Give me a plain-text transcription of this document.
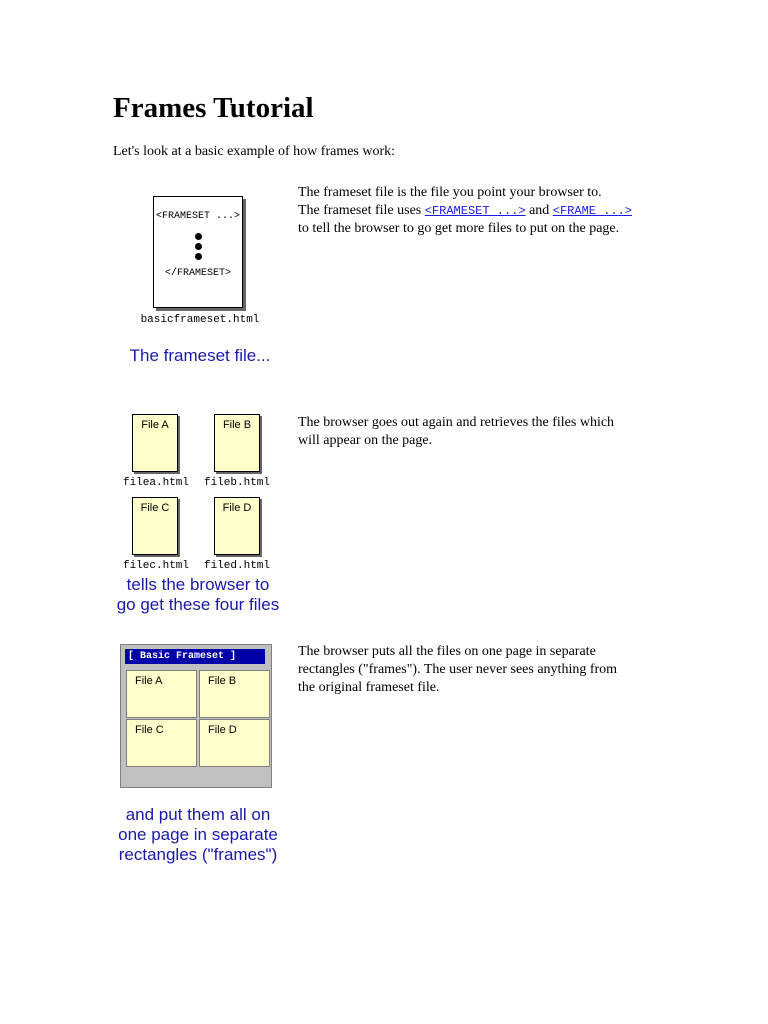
Frames Tutorial
Let's look at a basic example of how frames work:
<FRAMESET ...>
</FRAMESET>
basicframeset.html
The frameset file...
The frameset file is the file you point your browser to.
The frameset file uses <FRAMESET ...> and <FRAME ...>
to tell the browser to go get more files to put on the page.
File A	File B
filea.html	fileb.html
File C	File D
filec.html	filed.html
tells the browser to
go get these four files
The browser goes out again and retrieves the files which
will appear on the page.
[ Basic Frameset ]
File A	File B
File C	File D
and put them all on
one page in separate
rectangles ("frames")
The browser puts all the files on one page in separate
rectangles ("frames"). The user never sees anything from
the original frameset file.
